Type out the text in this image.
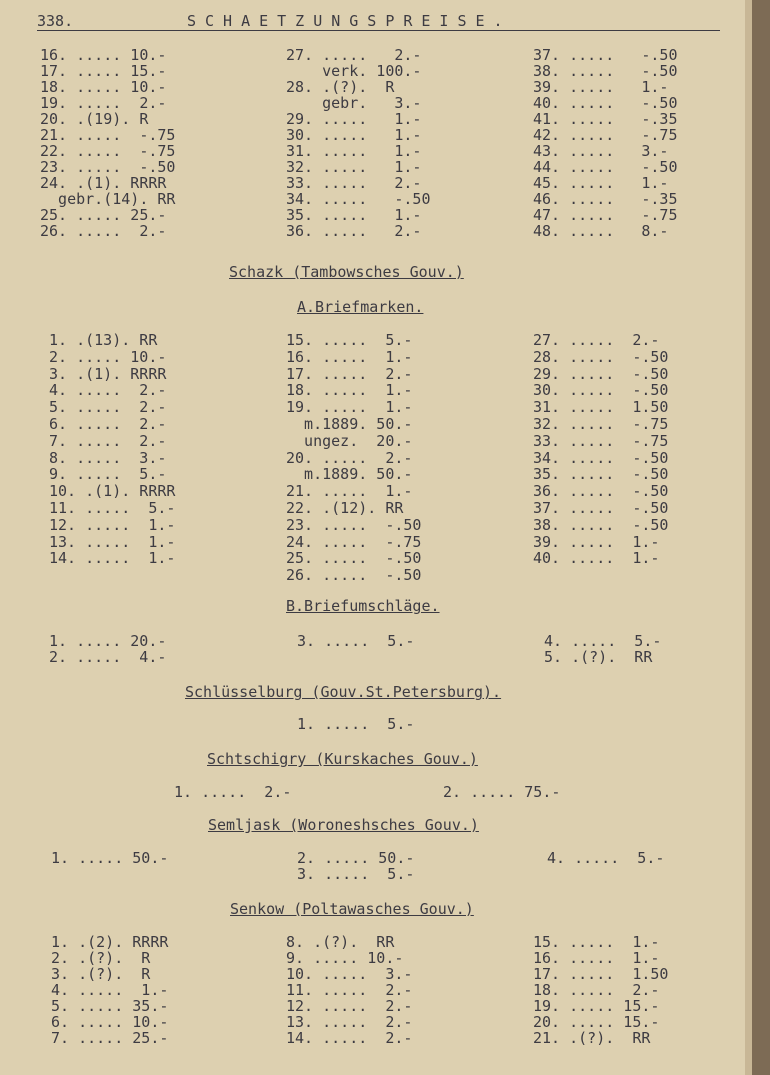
338.	SCHAETZUNGSPREISE.
16. ..... 10.-
17. ..... 15.-
18. ..... 10.-
19. .....  2.-
20. .(19). R
21. .....  -.75
22. .....  -.75
23. .....  -.50
24. .(1). RRRR
gebr.(14). RR
25. ..... 25.-
26. .....  2.-
27. .....   2.-
verk. 100.-
28. .(?).  R
gebr.   3.-
29. .....   1.-
30. .....   1.-
31. .....   1.-
32. .....   1.-
33. .....   2.-
34. .....   -.50
35. .....   1.-
36. .....   2.-
37. .....   -.50
38. .....   -.50
39. .....   1.-
40. .....   -.50
41. .....   -.35
42. .....   -.75
43. .....   3.-
44. .....   -.50
45. .....   1.-
46. .....   -.35
47. .....   -.75
48. .....   8.-
Schazk (Tambowsches Gouv.)
A.Briefmarken.
1. .(13). RR
2. ..... 10.-
3. .(1). RRRR
4. .....  2.-
5. .....  2.-
6. .....  2.-
7. .....  2.-
8. .....  3.-
9. .....  5.-
10. .(1). RRRR
11. .....  5.-
12. .....  1.-
13. .....  1.-
14. .....  1.-
15. .....  5.-
16. .....  1.-
17. .....  2.-
18. .....  1.-
19. .....  1.-
m.1889. 50.-
ungez.  20.-
20. .....  2.-
m.1889. 50.-
21. .....  1.-
22. .(12). RR
23. .....  -.50
24. .....  -.75
25. .....  -.50
26. .....  -.50
27. .....  2.-
28. .....  -.50
29. .....  -.50
30. .....  -.50
31. .....  1.50
32. .....  -.75
33. .....  -.75
34. .....  -.50
35. .....  -.50
36. .....  -.50
37. .....  -.50
38. .....  -.50
39. .....  1.-
40. .....  1.-
B.Briefumschläge.
1. ..... 20.-
2. .....  4.-
3. .....  5.-	4. .....  5.-
5. .(?).  RR
Schlüsselburg (Gouv.St.Petersburg).
1. .....  5.-
Schtschigry (Kurskaches Gouv.)
1. .....  2.-	2. ..... 75.-
Semljask (Woroneshsches Gouv.)
1. ..... 50.-	2. ..... 50.-
3. .....  5.-
4. .....  5.-
Senkow (Poltawasches Gouv.)
1. .(2). RRRR
2. .(?).  R
3. .(?).  R
4. .....  1.-
5. ..... 35.-
6. ..... 10.-
7. ..... 25.-
8. .(?).  RR
9. ..... 10.-
10. .....  3.-
11. .....  2.-
12. .....  2.-
13. .....  2.-
14. .....  2.-
15. .....  1.-
16. .....  1.-
17. .....  1.50
18. .....  2.-
19. ..... 15.-
20. ..... 15.-
21. .(?).  RR
